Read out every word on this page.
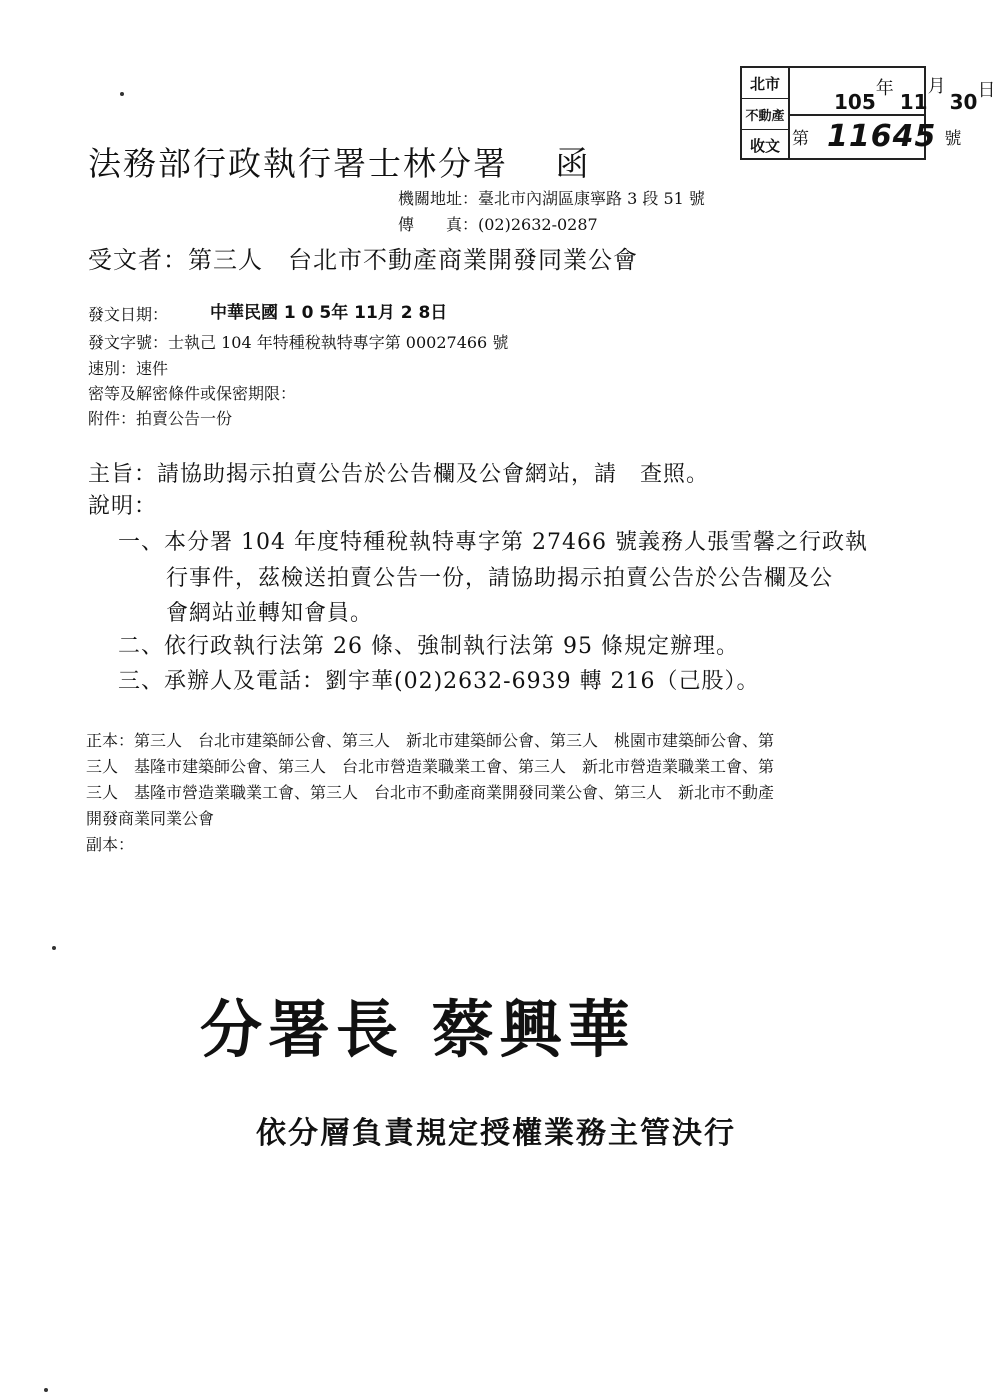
北市
不動產
收文
105
年
11
月
30 日
第 11645 號
法務部行政執行署士林分署　 函
機關地址：臺北市內湖區康寧路 3 段 51 號
傳　　真：(02)2632-0287
受文者：第三人　台北市不動產商業開發同業公會
發文日期： 中華民國 1 0 5年 11月 2 8日
發文字號：士執己 104 年特種稅執特專字第 00027466 號
速別：速件
密等及解密條件或保密期限：
附件：拍賣公告一份
主旨：請協助揭示拍賣公告於公告欄及公會網站，請　查照。
說明：
一、本分署 104 年度特種稅執特專字第 27466 號義務人張雪馨之行政執
行事件，茲檢送拍賣公告一份，請協助揭示拍賣公告於公告欄及公
會網站並轉知會員。
二、依行政執行法第 26 條、強制執行法第 95 條規定辦理。
三、承辦人及電話：劉宇華(02)2632-6939 轉 216（己股）。
正本：第三人　台北市建築師公會、第三人　新北市建築師公會、第三人　桃園市建築師公會、第
三人　基隆市建築師公會、第三人　台北市營造業職業工會、第三人　新北市營造業職業工會、第
三人　基隆市營造業職業工會、第三人　台北市不動產商業開發同業公會、第三人　新北市不動產
開發商業同業公會
副本：
分署長 蔡興華
依分層負責規定授權業務主管決行
